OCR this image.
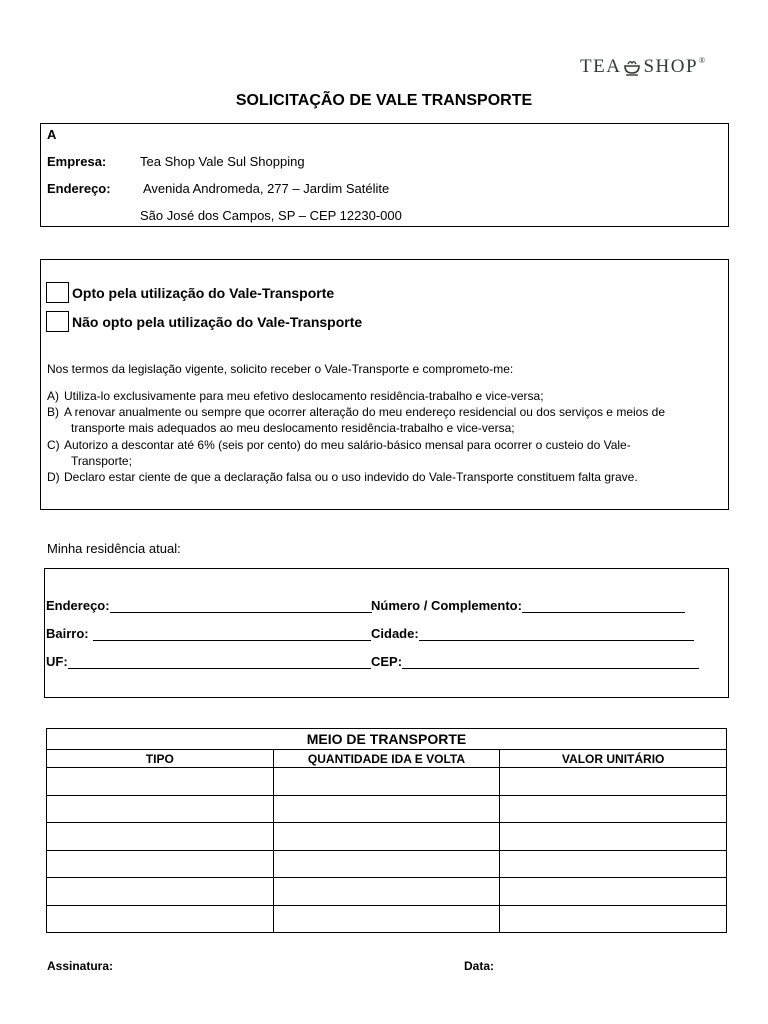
TEA SHOP ®
SOLICITAÇÃO DE VALE TRANSPORTE
A
Empresa:	Tea Shop Vale Sul Shopping
Endereço: Avenida Andromeda, 277 – Jardim Satélite
São José dos Campos, SP – CEP 12230-000
Opto pela utilização do Vale-Transporte
Não opto pela utilização do Vale-Transporte
Nos termos da legislação vigente, solicito receber o Vale-Transporte e comprometo-me:
A) Utiliza-lo exclusivamente para meu efetivo deslocamento residência-trabalho e vice-versa;
B) A renovar anualmente ou sempre que ocorrer alteração do meu endereço residencial ou dos serviços e meios de
transporte mais adequados ao meu deslocamento residência-trabalho e vice-versa;
C) Autorizo a descontar até 6% (seis por cento) do meu salário-básico mensal para ocorrer o custeio do Vale-
Transporte;
D) Declaro estar ciente de que a declaração falsa ou o uso indevido do Vale-Transporte constituem falta grave.
Minha residência atual:
Endereço:	Número / Complemento:
Bairro:	Cidade:
UF:	CEP:
MEIO DE TRANSPORTE		
TIPO	QUANTIDADE IDA E VOLTA	VALOR UNITÁRIO

Assinatura:	Data:
